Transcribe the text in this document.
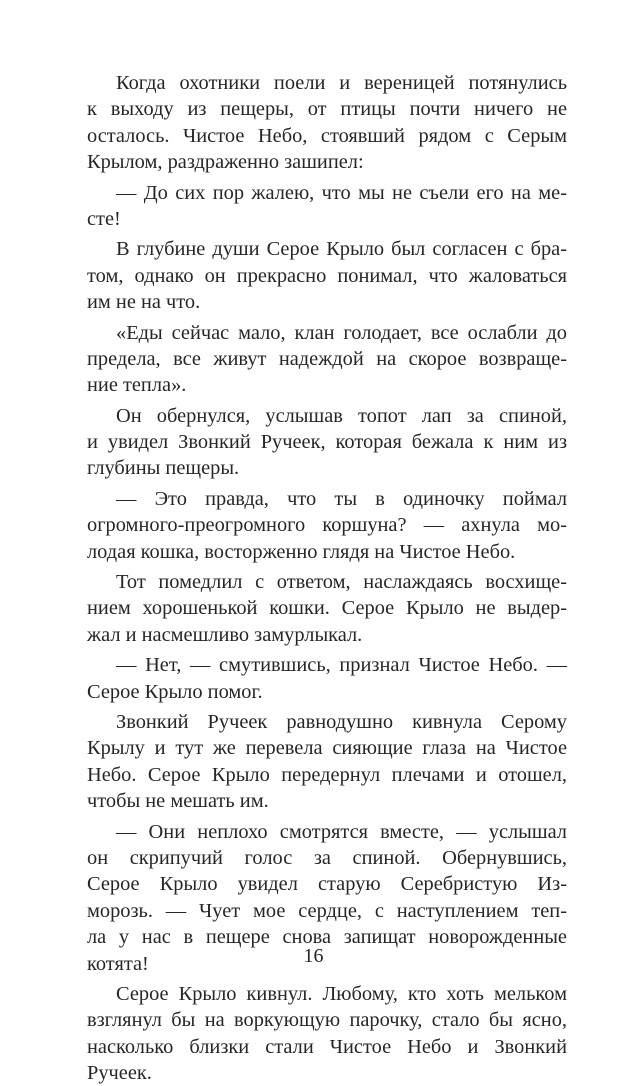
Когда охотники поели и вереницей потянулись
к выходу из пещеры, от птицы почти ничего не
осталось. Чистое Небо, стоявший рядом с Серым
Крылом, раздраженно зашипел:
— До сих пор жалею, что мы не съели его на ме-
сте!
В глубине души Серое Крыло был согласен с бра-
том, однако он прекрасно понимал, что жаловаться
им не на что.
«Еды сейчас мало, клан голодает, все ослабли до
предела, все живут надеждой на скорое возвраще-
ние тепла».
Он обернулся, услышав топот лап за спиной,
и увидел Звонкий Ручеек, которая бежала к ним из
глубины пещеры.
— Это правда, что ты в одиночку поймал
огромного-преогромного коршуна? — ахнула мо-
лодая кошка, восторженно глядя на Чистое Небо.
Тот помедлил с ответом, наслаждаясь восхище-
нием хорошенькой кошки. Серое Крыло не выдер-
жал и насмешливо замурлыкал.
— Нет, — смутившись, признал Чистое Небо. —
Серое Крыло помог.
Звонкий Ручеек равнодушно кивнула Серому
Крылу и тут же перевела сияющие глаза на Чистое
Небо. Серое Крыло передернул плечами и отошел,
чтобы не мешать им.
— Они неплохо смотрятся вместе, — услышал
он скрипучий голос за спиной. Обернувшись,
Серое Крыло увидел старую Серебристую Из-
морозь. — Чует мое сердце, с наступлением теп-
ла у нас в пещере снова запищат новорожденные
котята!
Серое Крыло кивнул. Любому, кто хоть мельком
взглянул бы на воркующую парочку, стало бы ясно,
насколько близки стали Чистое Небо и Звонкий
Ручеек.
16
